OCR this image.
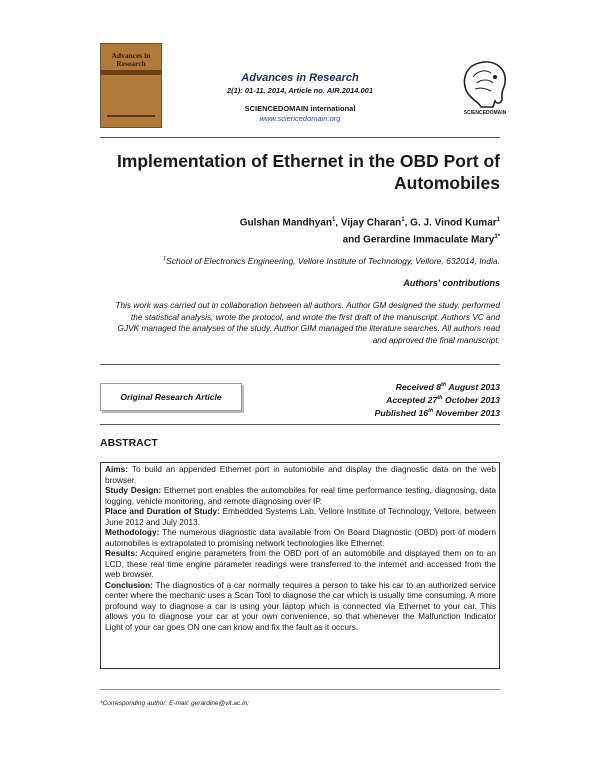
Advances in Research
Advances in Research
2(1): 01-11, 2014, Article no. AIR.2014.001
SCIENCEDOMAIN international
www.sciencedomain.org
SCIENCEDOMAIN
Implementation of Ethernet in the OBD Port of Automobiles
Gulshan Mandhyan$^1$, Vijay Charan$^1$, G. J. Vinod Kumar$^1$
and Gerardine Immaculate Mary$^{1*}$
$^1$School of Electronics Engineering, Vellore Institute of Technology, Vellore, 632014, India.
Authors' contributions
This work was carried out in collaboration between all authors. Author GM designed the study, performed the statistical analysis, wrote the protocol, and wrote the first draft of the manuscript. Authors VC and GJVK managed the analyses of the study. Author GIM managed the literature searches. All authors read and approved the final manuscript.
Original Research Article
Received 8th August 2013
Accepted 27th October 2013
Published 16th November 2013
ABSTRACT

Aims: To build an appended Ethernet port in automobile and display the diagnostic data on the web browser.

Study Design: Ethernet port enables the automobiles for real time performance testing, diagnosing, data logging, vehicle monitoring, and remote diagnosing over IP.

Place and Duration of Study: Embedded Systems Lab, Vellore Institute of Technology, Vellore, between June 2012 and July 2013.

Methodology: The numerous diagnostic data available from On Board Diagnostic (OBD) port of modern automobiles is extrapolated to promising network technologies like Ethernet.

Results: Acquired engine parameters from the OBD port of an automobile and displayed them on to an LCD, these real time engine parameter readings were transferred to the internet and accessed from the web browser.

Conclusion: The diagnostics of a car normally requires a person to take his car to an authorized service center where the mechanic uses a Scan Tool to diagnose the car which is usually time consuming. A more profound way to diagnose a car is using your laptop which is connected via Ethernet to your car. This allows you to diagnose your car at your own convenience, so that whenever the Malfunction Indicator Light of your car goes ON one can know and fix the fault as it occurs.

*Corresponding author: E-mail: gerardine@vit.ac.in;
